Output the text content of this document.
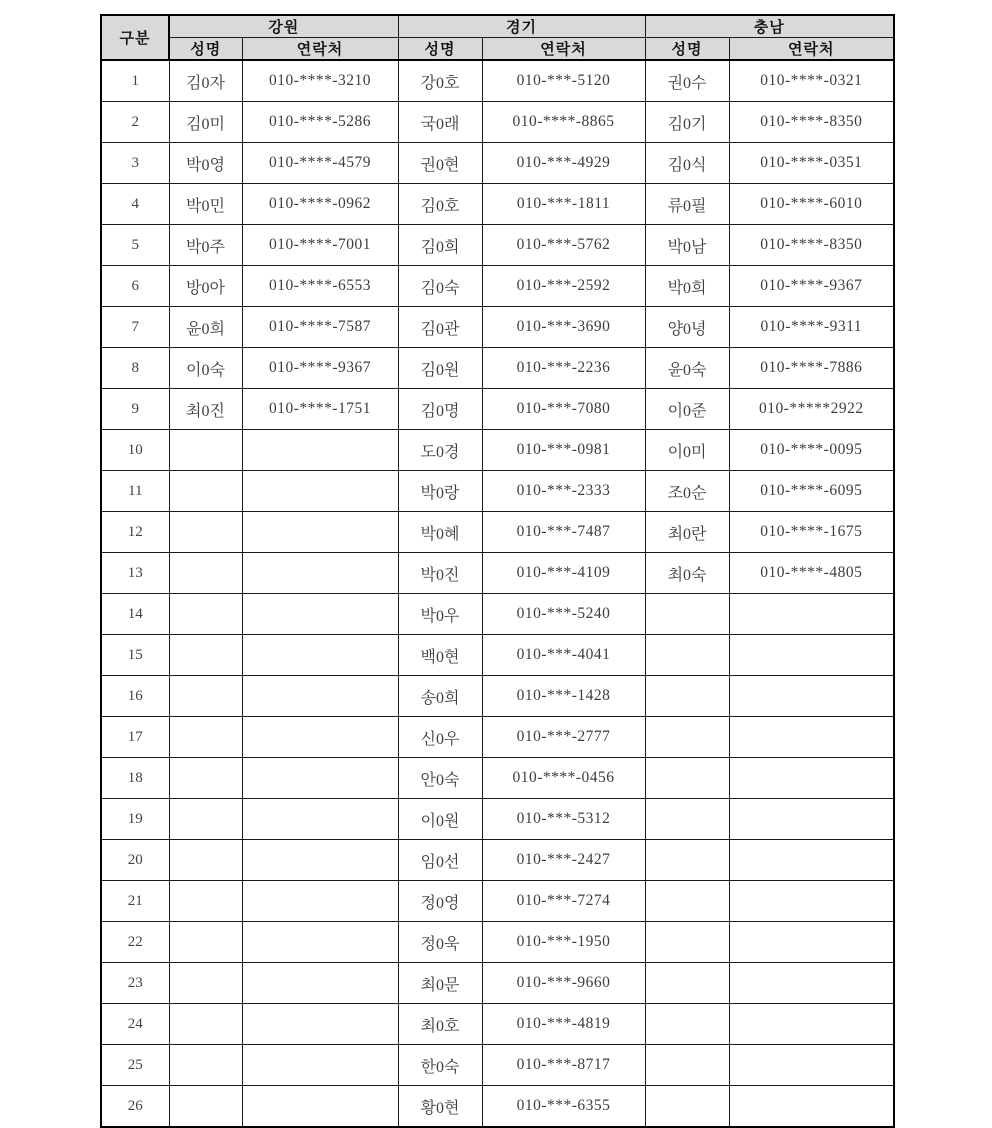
구분	강원		경기		충남	
	성명	연락처	성명	연락처	성명	연락처
1	김0자	010-****-3210	강0호	010-***-5120	권0수	010-****-0321
2	김0미	010-****-5286	국0래	010-****-8865	김0기	010-****-8350
3	박0영	010-****-4579	권0현	010-***-4929	김0식	010-****-0351
4	박0민	010-****-0962	김0호	010-***-1811	류0필	010-****-6010
5	박0주	010-****-7001	김0희	010-***-5762	박0남	010-****-8350
6	방0아	010-****-6553	김0숙	010-***-2592	박0희	010-****-9367
7	윤0희	010-****-7587	김0관	010-***-3690	양0녕	010-****-9311
8	이0숙	010-****-9367	김0원	010-***-2236	윤0숙	010-****-7886
9	최0진	010-****-1751	김0명	010-***-7080	이0준	010-*****2922
10			도0경	010-***-0981	이0미	010-****-0095
11			박0랑	010-***-2333	조0순	010-****-6095
12			박0혜	010-***-7487	최0란	010-****-1675
13			박0진	010-***-4109	최0숙	010-****-4805
14			박0우	010-***-5240		
15			백0현	010-***-4041		
16			송0희	010-***-1428		
17			신0우	010-***-2777		
18			안0숙	010-****-0456		
19			이0원	010-***-5312		
20			임0선	010-***-2427		
21			정0영	010-***-7274		
22			정0욱	010-***-1950		
23			최0문	010-***-9660		
24			최0호	010-***-4819		
25			한0숙	010-***-8717		
26			황0현	010-***-6355		
